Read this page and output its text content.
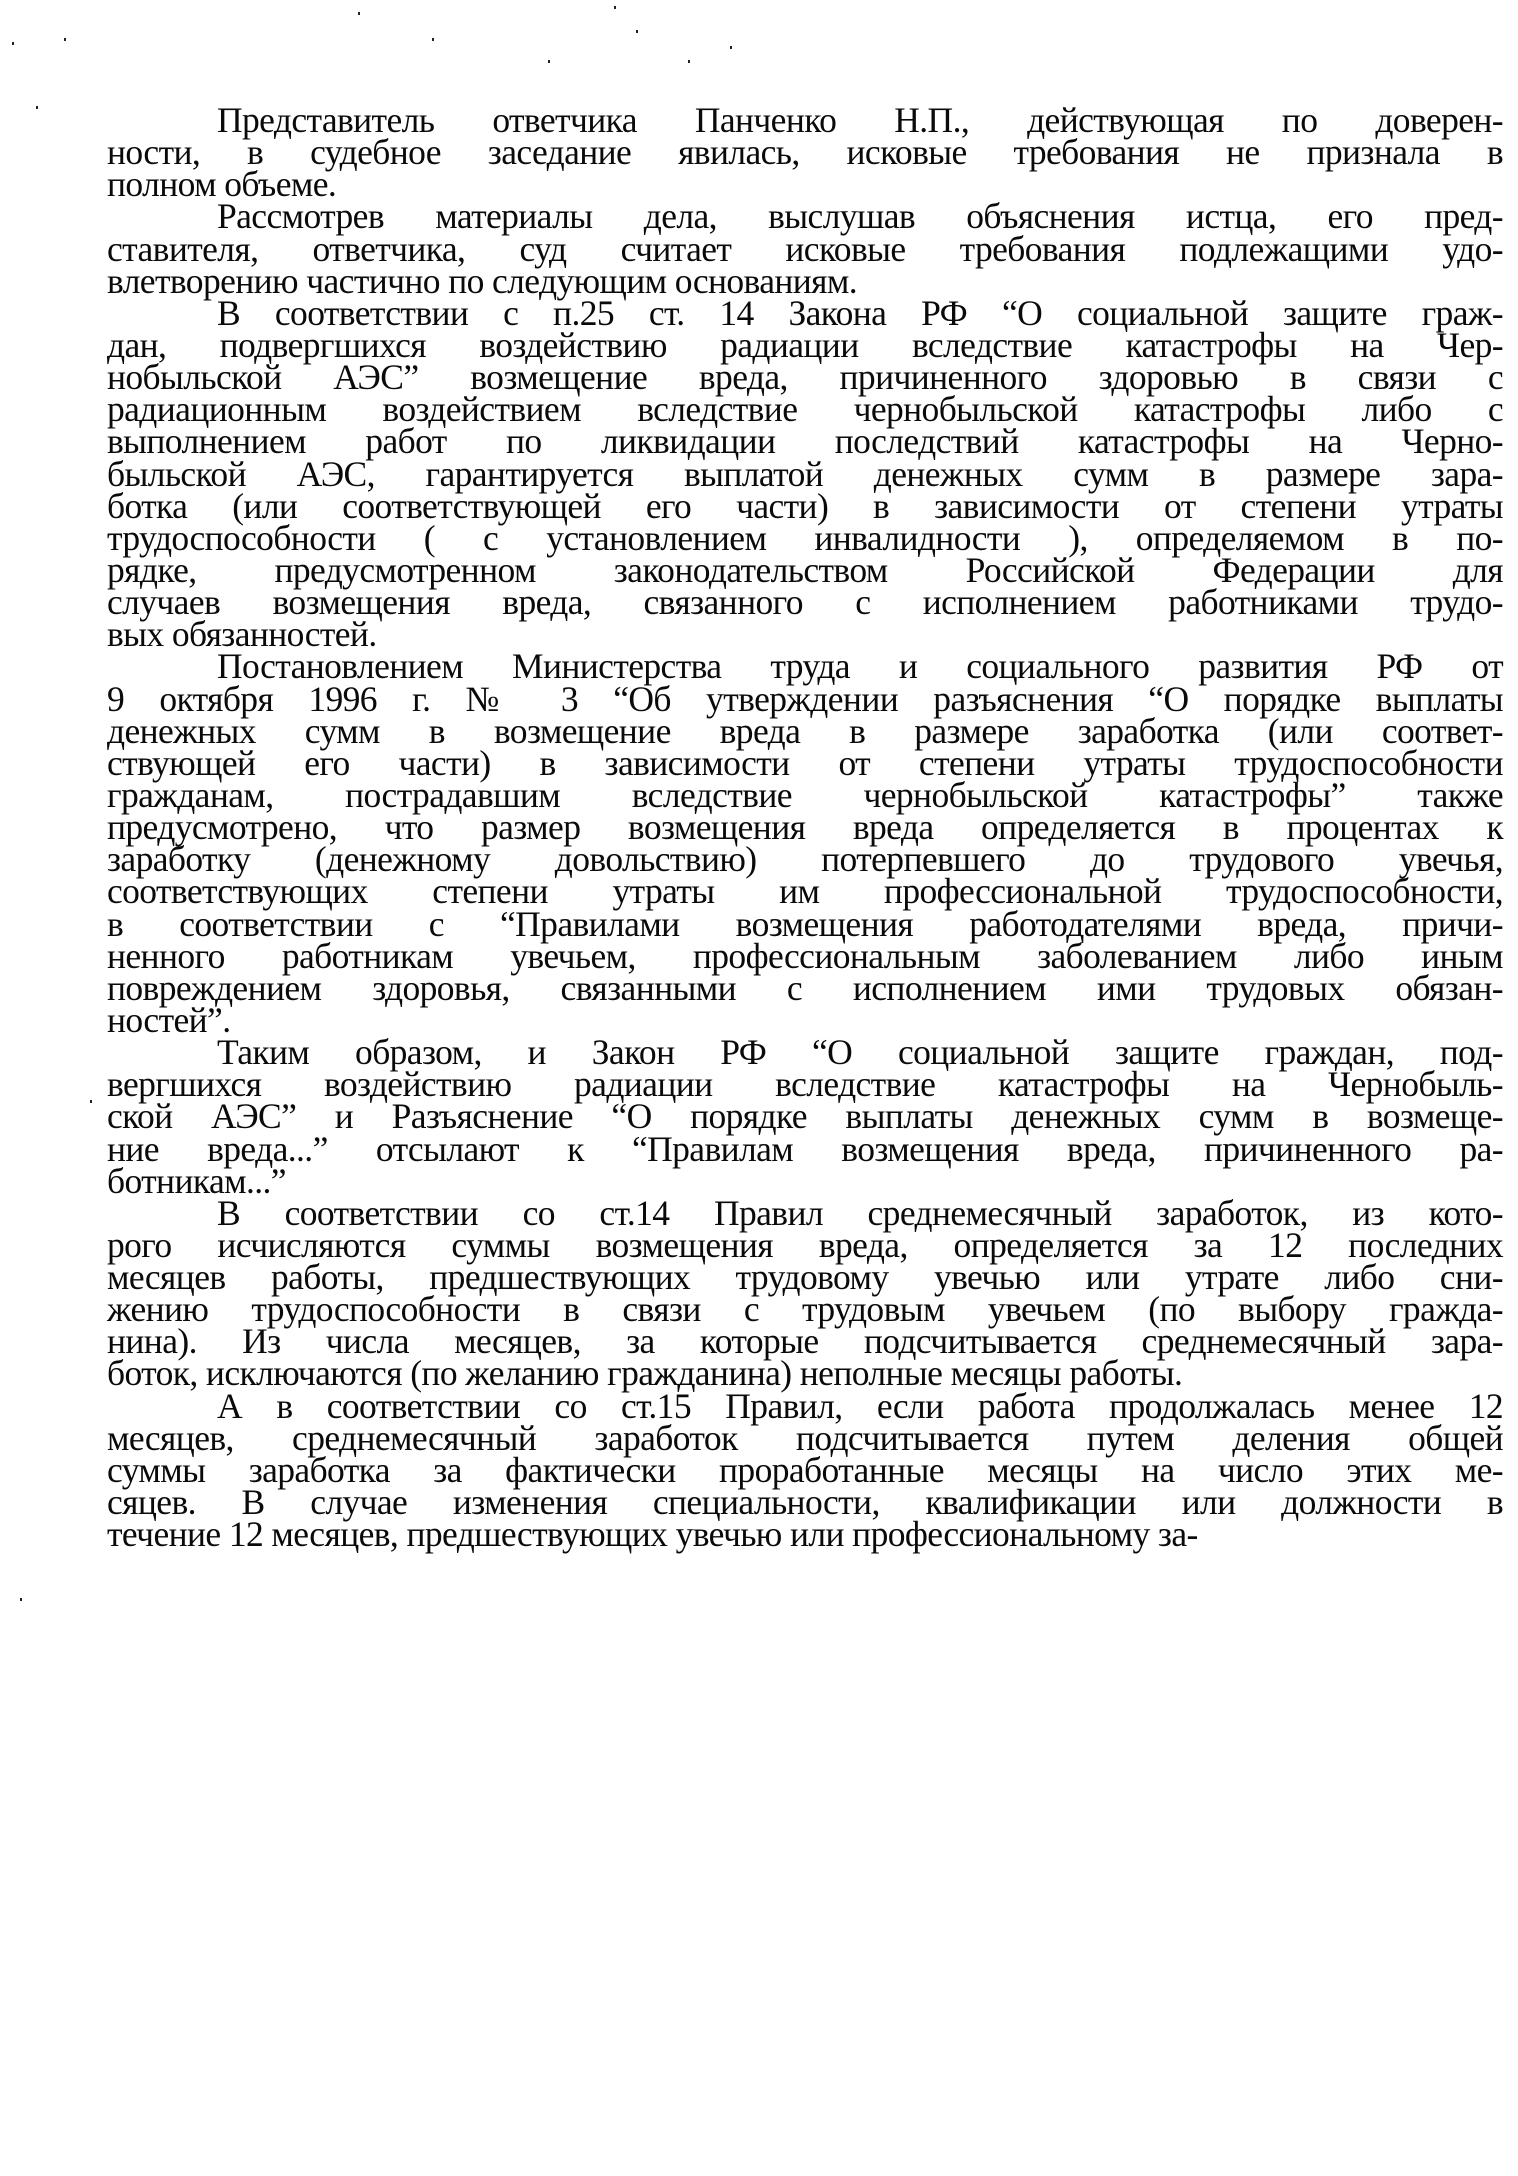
Представитель ответчика Панченко Н.П., действующая по доверен-
ности, в судебное заседание явилась, исковые требования не признала в
полном объеме.
Рассмотрев материалы дела, выслушав объяснения истца, его пред-
ставителя, ответчика, суд считает исковые требования подлежащими удо-
влетворению частично по следующим основаниям.
В соответствии с п.25 ст. 14 Закона РФ “О социальной защите граж-
дан, подвергшихся воздействию радиации вследствие катастрофы на Чер-
нобыльской АЭС” возмещение вреда, причиненного здоровью в связи с
радиационным воздействием вследствие чернобыльской катастрофы либо с
выполнением работ по ликвидации последствий катастрофы на Черно-
быльской АЭС, гарантируется выплатой денежных сумм в размере зара-
ботка (или соответствующей его части) в зависимости от степени утраты
трудоспособности ( с установлением инвалидности ), определяемом в по-
рядке, предусмотренном законодательством Российской Федерации для
случаев возмещения вреда, связанного с исполнением работниками трудо-
вых обязанностей.
Постановлением Министерства труда и социального развития РФ от
9 октября 1996 г. № 3 “Об утверждении разъяснения “О порядке выплаты
денежных сумм в возмещение вреда в размере заработка (или соответ-
ствующей его части) в зависимости от степени утраты трудоспособности
гражданам, пострадавшим вследствие чернобыльской катастрофы” также
предусмотрено, что размер возмещения вреда определяется в процентах к
заработку (денежному довольствию) потерпевшего до трудового увечья,
соответствующих степени утраты им профессиональной трудоспособности,
в соответствии с “Правилами возмещения работодателями вреда, причи-
ненного работникам увечьем, профессиональным заболеванием либо иным
повреждением здоровья, связанными с исполнением ими трудовых обязан-
ностей”.
Таким образом, и Закон РФ “О социальной защите граждан, под-
вергшихся воздействию радиации вследствие катастрофы на Чернобыль-
ской АЭС” и Разъяснение “О порядке выплаты денежных сумм в возмеще-
ние вреда...” отсылают к “Правилам возмещения вреда, причиненного ра-
ботникам...”
В соответствии со ст.14 Правил среднемесячный заработок, из кото-
рого исчисляются суммы возмещения вреда, определяется за 12 последних
месяцев работы, предшествующих трудовому увечью или утрате либо сни-
жению трудоспособности в связи с трудовым увечьем (по выбору гражда-
нина). Из числа месяцев, за которые подсчитывается среднемесячный зара-
боток, исключаются (по желанию гражданина) неполные месяцы работы.
А в соответствии со ст.15 Правил, если работа продолжалась менее 12
месяцев, среднемесячный заработок подсчитывается путем деления общей
суммы заработка за фактически проработанные месяцы на число этих ме-
сяцев. В случае изменения специальности, квалификации или должности в
течение 12 месяцев, предшествующих увечью или профессиональному за-
